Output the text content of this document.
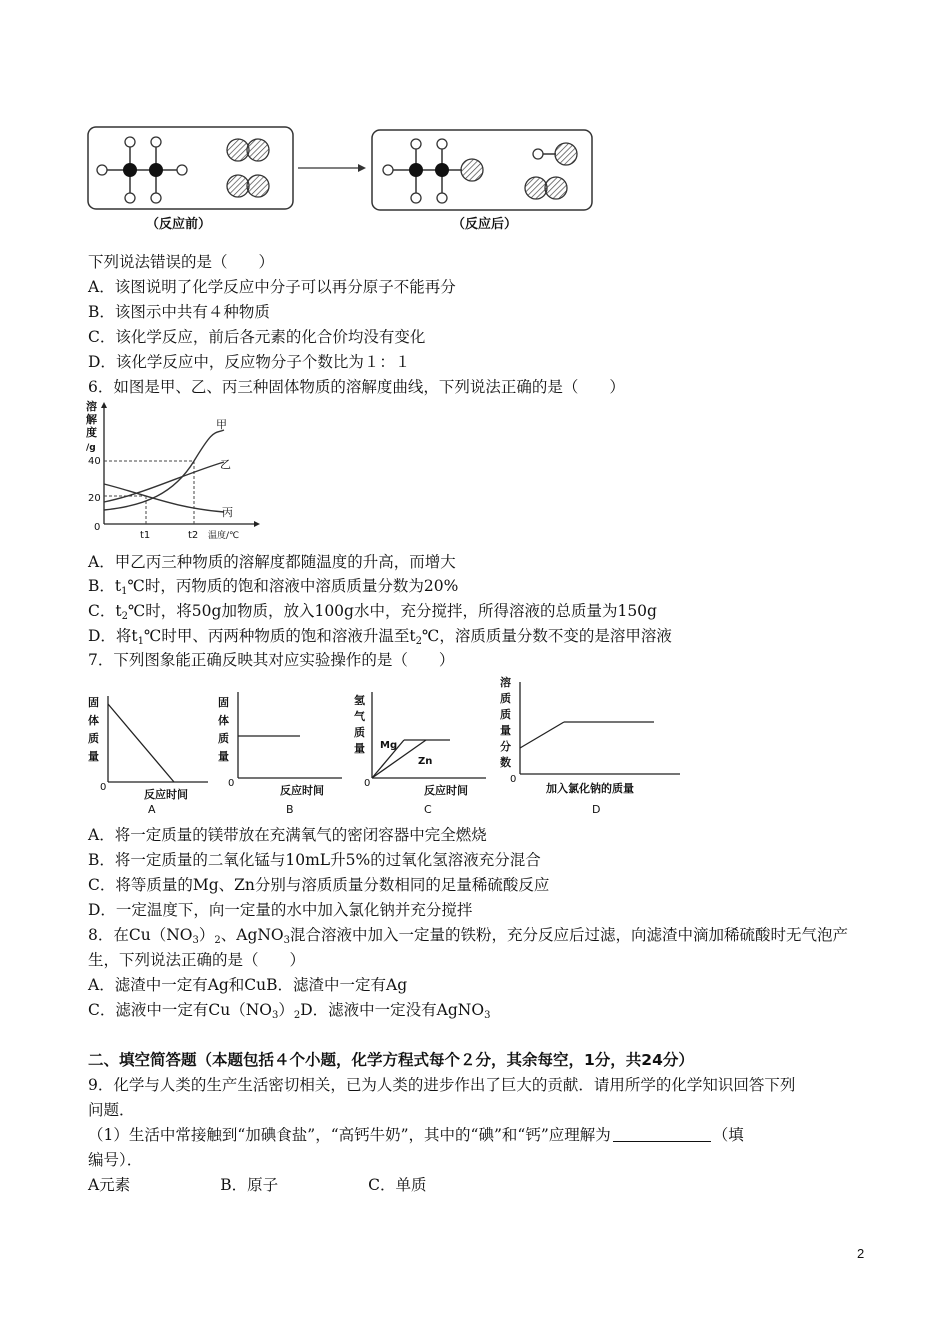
（反应前）	（反应后）
下列说法错误的是（　　）
A．该图说明了化学反应中分子可以再分原子不能再分
B．该图示中共有４种物质
C．该化学反应，前后各元素的化合价均没有变化
D．该化学反应中，反应物分子个数比为１：１
6．如图是甲、乙、丙三种固体物质的溶解度曲线，下列说法正确的是（　　）
溶
解
度
/g
40
20
0
甲
乙
丙
t1	t2 温度/℃
A．甲乙丙三种物质的溶解度都随温度的升高，而增大
B．$t_1℃$时，丙物质的饱和溶液中溶质质量分数为20%
C．$t_2℃$时，将50g加物质，放入100g水中，充分搅拌，所得溶液的总质量为150g
D．将$t_1℃$时甲、丙两种物质的饱和溶液升温至$t_2℃$，溶质质量分数不变的是溶甲溶液
7．下列图象能正确反映其对应实验操作的是（　　）
固
体
质
量
0
反应时间
A
固
体
质
量
0
反应时间
B
氢
气
质
量 Mg
Zn
0
反应时间
C
溶
质
质
量
分
数
0
加入氯化钠的质量
D
A．将一定质量的镁带放在充满氧气的密闭容器中完全燃烧
B．将一定质量的二氧化锰与10mL升5%的过氧化氢溶液充分混合
C．将等质量的Mg、Zn分别与溶质质量分数相同的足量稀硫酸反应
D．一定温度下，向一定量的水中加入氯化钠并充分搅拌
8．在$Cu(NO_3)_2$、AgNO$_3$混合溶液中加入一定量的铁粉，充分反应后过滤，向滤渣中滴加稀硫酸时无气泡产
生，下列说法正确的是（　　）
A．滤渣中一定有Ag和CuB．滤渣中一定有Ag
C．滤液中一定有$Cu(NO_3)_2D$．滤液中一定没有AgNO$_3$
二、填空简答题（本题包括４个小题，化学方程式每个２分，其余每空，1分，共24分）
9．化学与人类的生产生活密切相关，已为人类的进步作出了巨大的贡献．请用所学的化学知识回答下列
问题．
（1）生活中常接触到“加碘食盐”，“高钙牛奶”，其中的“碘”和“钙”应理解为	（填
编号）．
A元素	B．原子	C．单质
2
